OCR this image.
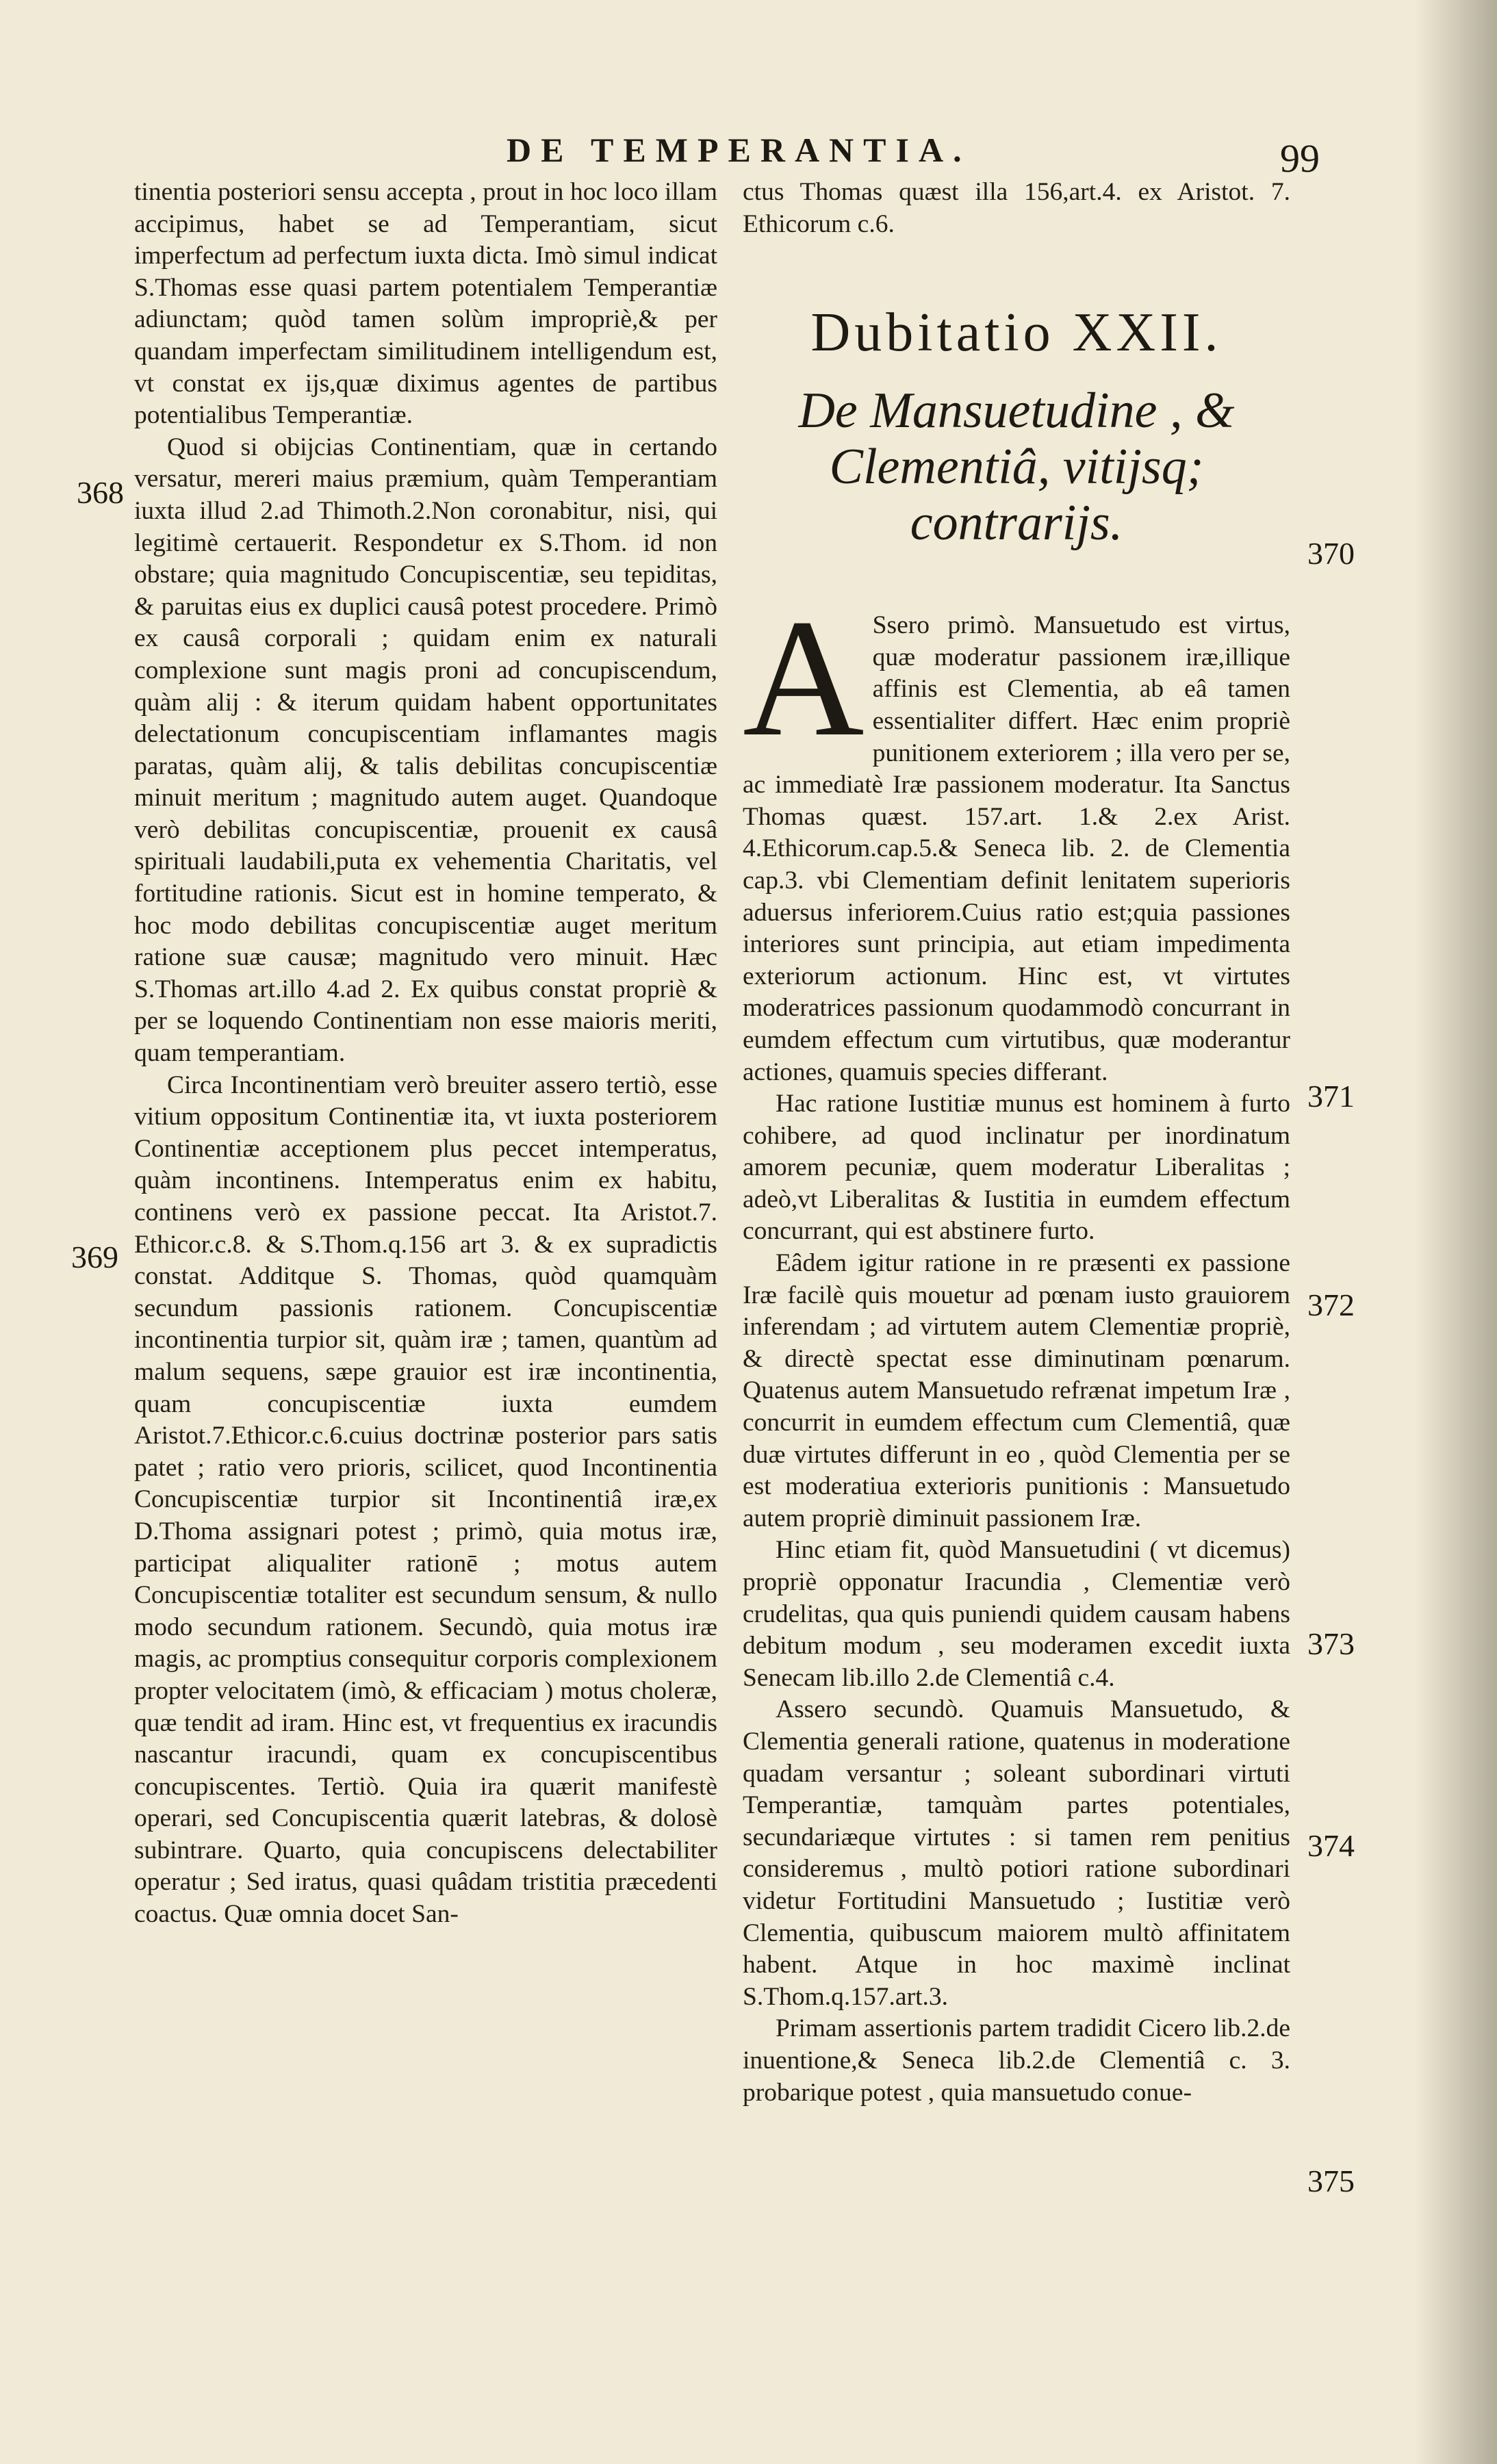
DE TEMPERANTIA.	99
368
369
370
371
372
373
374
375

tinentia posteriori sensu accepta , prout in hoc loco illam accipimus, habet se ad Temperantiam, sicut imperfectum ad perfectum iuxta dicta. Imò simul indicat S.Thomas esse quasi partem potentialem Temperantiæ adiunctam; quòd tamen solùm impropriè,& per quandam imperfectam similitudinem intelligendum est, vt constat ex ijs,quæ diximus agentes de partibus potentialibus Temperantiæ.

Quod si obijcias Continentiam, quæ in certando versatur, mereri maius præmium, quàm Temperantiam iuxta illud 2.ad Thimoth.2.Non coronabitur, nisi, qui legitimè certauerit. Respondetur ex S.Thom. id non obstare; quia magnitudo Concupiscentiæ, seu tepiditas, & paruitas eius ex duplici causâ potest procedere. Primò ex causâ corporali ; quidam enim ex naturali complexione sunt magis proni ad concupiscendum, quàm alij : & iterum quidam habent opportunitates delectationum concupiscentiam inflamantes magis paratas, quàm alij, & talis debilitas concupiscentiæ minuit meritum ; magnitudo autem auget. Quandoque verò debilitas concupiscentiæ, prouenit ex causâ spirituali laudabili,puta ex vehementia Charitatis, vel fortitudine rationis. Sicut est in homine temperato, & hoc modo debilitas concupiscentiæ auget meritum ratione suæ causæ; magnitudo vero minuit. Hæc S.Thomas art.illo 4.ad 2. Ex quibus constat propriè & per se loquendo Continentiam non esse maioris meriti, quam temperantiam.

Circa Incontinentiam verò breuiter assero tertiò, esse vitium oppositum Continentiæ ita, vt iuxta posteriorem Continentiæ acceptionem plus peccet intemperatus, quàm incontinens. Intemperatus enim ex habitu, continens verò ex passione peccat. Ita Aristot.7. Ethicor.c.8. & S.Thom.q.156 art 3. & ex supradictis constat. Additque S. Thomas, quòd quamquàm secundum passionis rationem. Concupiscentiæ incontinentia turpior sit, quàm iræ ; tamen, quantùm ad malum sequens, sæpe grauior est iræ incontinentia, quam concupiscentiæ iuxta eumdem Aristot.7.Ethicor.c.6.cuius doctrinæ posterior pars satis patet ; ratio vero prioris, scilicet, quod Incontinentia Concupiscentiæ turpior sit Incontinentiâ iræ,ex D.Thoma assignari potest ; primò, quia motus iræ, participat aliqualiter rationē ; motus autem Concupiscentiæ totaliter est secundum sensum, & nullo modo secundum rationem. Secundò, quia motus iræ magis, ac promptius consequitur corporis complexionem propter velocitatem (imò, & efficaciam ) motus choleræ, quæ tendit ad iram. Hinc est, vt frequentius ex iracundis nascantur iracundi, quam ex concupiscentibus concupiscentes. Tertiò. Quia ira quærit manifestè operari, sed Concupiscentia quærit latebras, & dolosè subintrare. Quarto, quia concupiscens delectabiliter operatur ; Sed iratus, quasi quâdam tristitia præcedenti coactus. Quæ omnia docet San-

ctus Thomas quæst illa 156,art.4. ex Aristot. 7. Ethicorum c.6.

Dubitatio XXII.
De Mansuetudine , & Clementiâ, vitijsq; contrarijs.
A Ssero primò. Mansuetudo est virtus, quæ moderatur passionem iræ,illique affinis est Clementia, ab eâ tamen essentialiter differt. Hæc enim propriè punitionem exteriorem ; illa vero per se, ac immediatè Iræ passionem moderatur. Ita Sanctus Thomas quæst. 157.art. 1.& 2.ex Arist. 4.Ethicorum.cap.5.& Seneca lib. 2. de Clementia cap.3. vbi Clementiam definit lenitatem superioris aduersus inferiorem.Cuius ratio est;quia passiones interiores sunt principia, aut etiam impedimenta exteriorum actionum. Hinc est, vt virtutes moderatrices passionum quodammodò concurrant in eumdem effectum cum virtutibus, quæ moderantur actiones, quamuis species differant.

Hac ratione Iustitiæ munus est hominem à furto cohibere, ad quod inclinatur per inordinatum amorem pecuniæ, quem moderatur Liberalitas ; adeò,vt Liberalitas & Iustitia in eumdem effectum concurrant, qui est abstinere furto.

Eâdem igitur ratione in re præsenti ex passione Iræ facilè quis mouetur ad pœnam iusto grauiorem inferendam ; ad virtutem autem Clementiæ propriè, & directè spectat esse diminutinam pœnarum. Quatenus autem Mansuetudo refrænat impetum Iræ , concurrit in eumdem effectum cum Clementiâ, quæ duæ virtutes differunt in eo , quòd Clementia per se est moderatiua exterioris punitionis : Mansuetudo autem propriè diminuit passionem Iræ.

Hinc etiam fit, quòd Mansuetudini ( vt dicemus) propriè opponatur Iracundia , Clementiæ verò crudelitas, qua quis puniendi quidem causam habens debitum modum , seu moderamen excedit iuxta Senecam lib.illo 2.de Clementiâ c.4.

Assero secundò. Quamuis Mansuetudo, & Clementia generali ratione, quatenus in moderatione quadam versantur ; soleant subordinari virtuti Temperantiæ, tamquàm partes potentiales, secundariæque virtutes : si tamen rem penitius consideremus , multò potiori ratione subordinari videtur Fortitudini Mansuetudo ; Iustitiæ verò Clementia, quibuscum maiorem multò affinitatem habent. Atque in hoc maximè inclinat S.Thom.q.157.art.3.

Primam assertionis partem tradidit Cicero lib.2.de inuentione,& Seneca lib.2.de Clementiâ c. 3. probarique potest , quia mansuetudo conue-
